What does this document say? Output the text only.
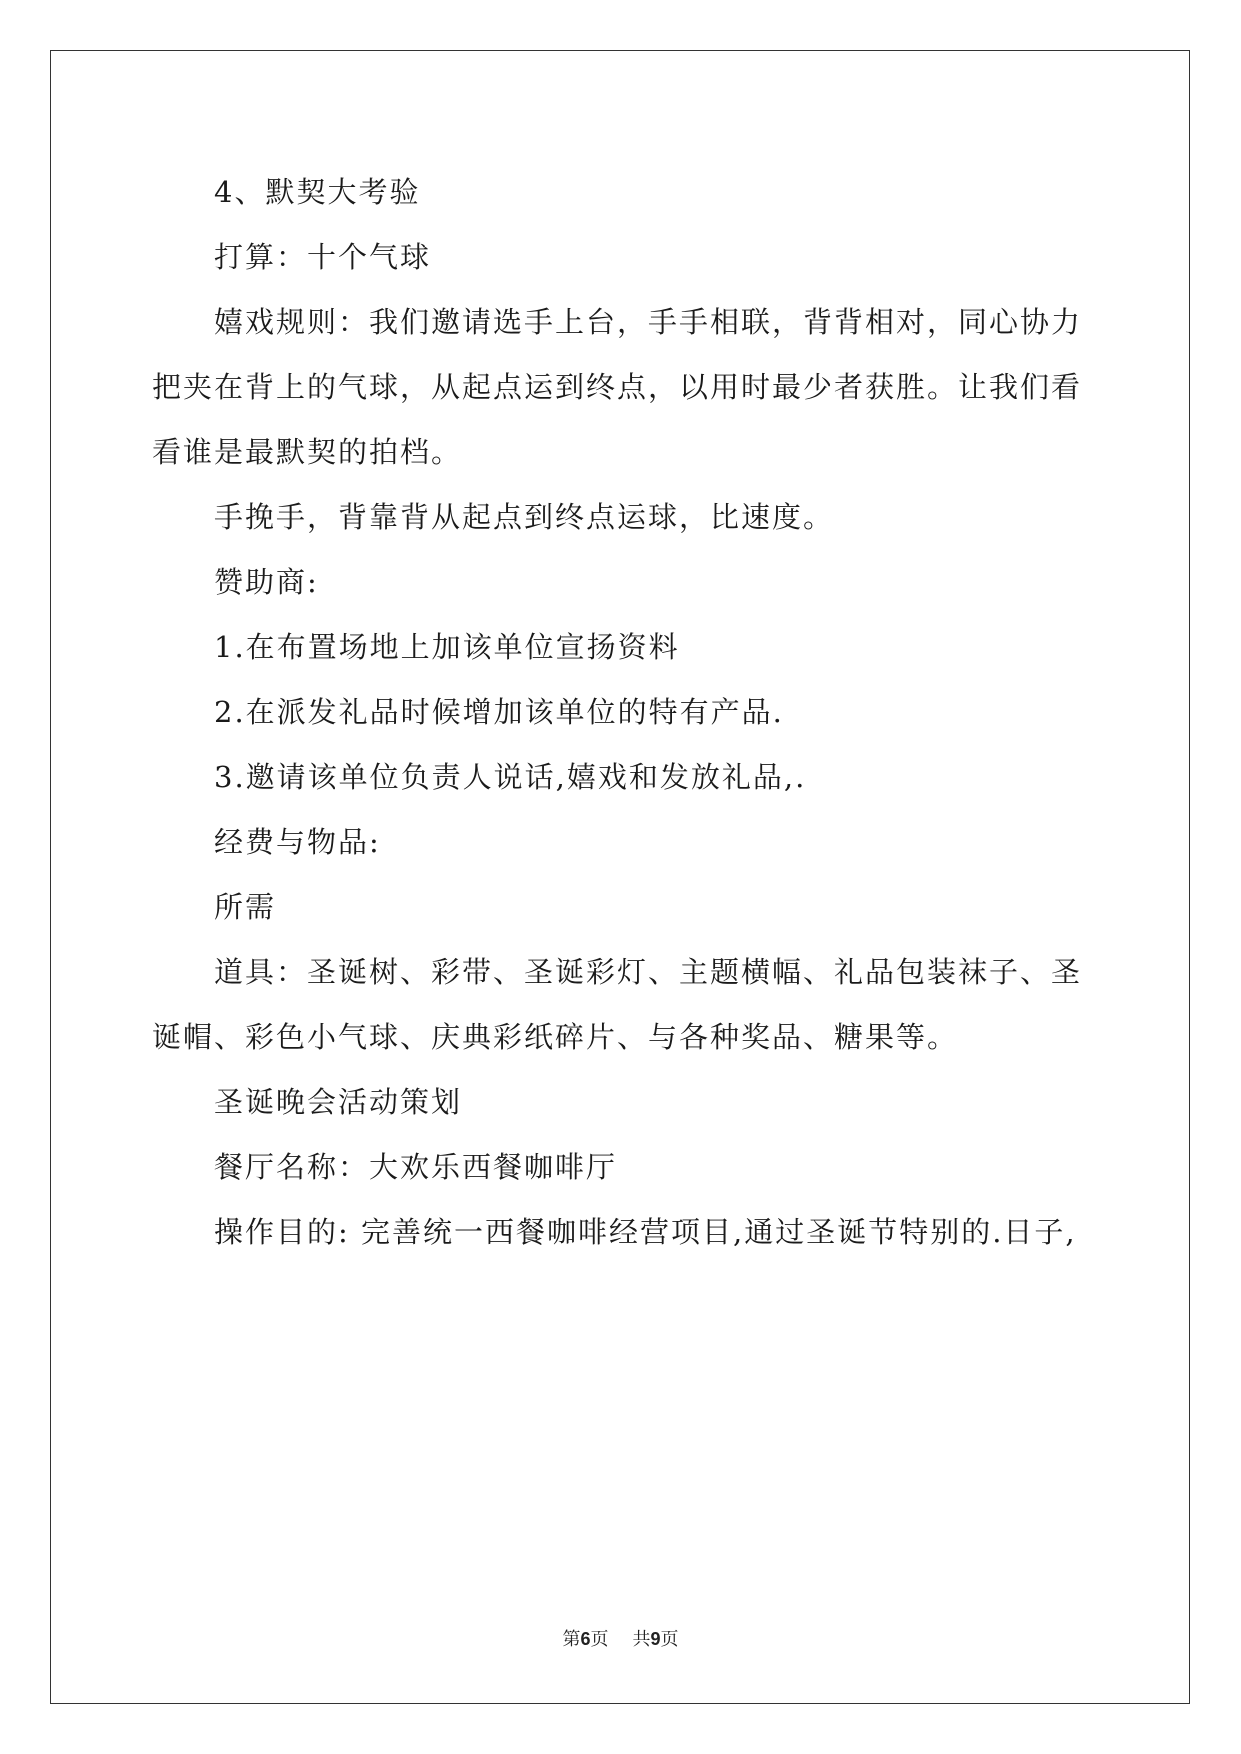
4、默契大考验

打算：十个气球

嬉戏规则：我们邀请选手上台，手手相联，背背相对，同心协力

把夹在背上的气球，从起点运到终点，以用时最少者获胜。让我们看

看谁是最默契的拍档。

手挽手，背靠背从起点到终点运球，比速度。

赞助商:

1.在布置场地上加该单位宣扬资料

2.在派发礼品时候增加该单位的特有产品.

3.邀请该单位负责人说话,嬉戏和发放礼品,.

经费与物品:

所需

道具：圣诞树、彩带、圣诞彩灯、主题横幅、礼品包装袜子、圣

诞帽、彩色小气球、庆典彩纸碎片、与各种奖品、糖果等。

圣诞晚会活动策划

餐厅名称：大欢乐西餐咖啡厅

操作目的: 完善统一西餐咖啡经营项目,通过圣诞节特别的.日子,

第6页 共9页
